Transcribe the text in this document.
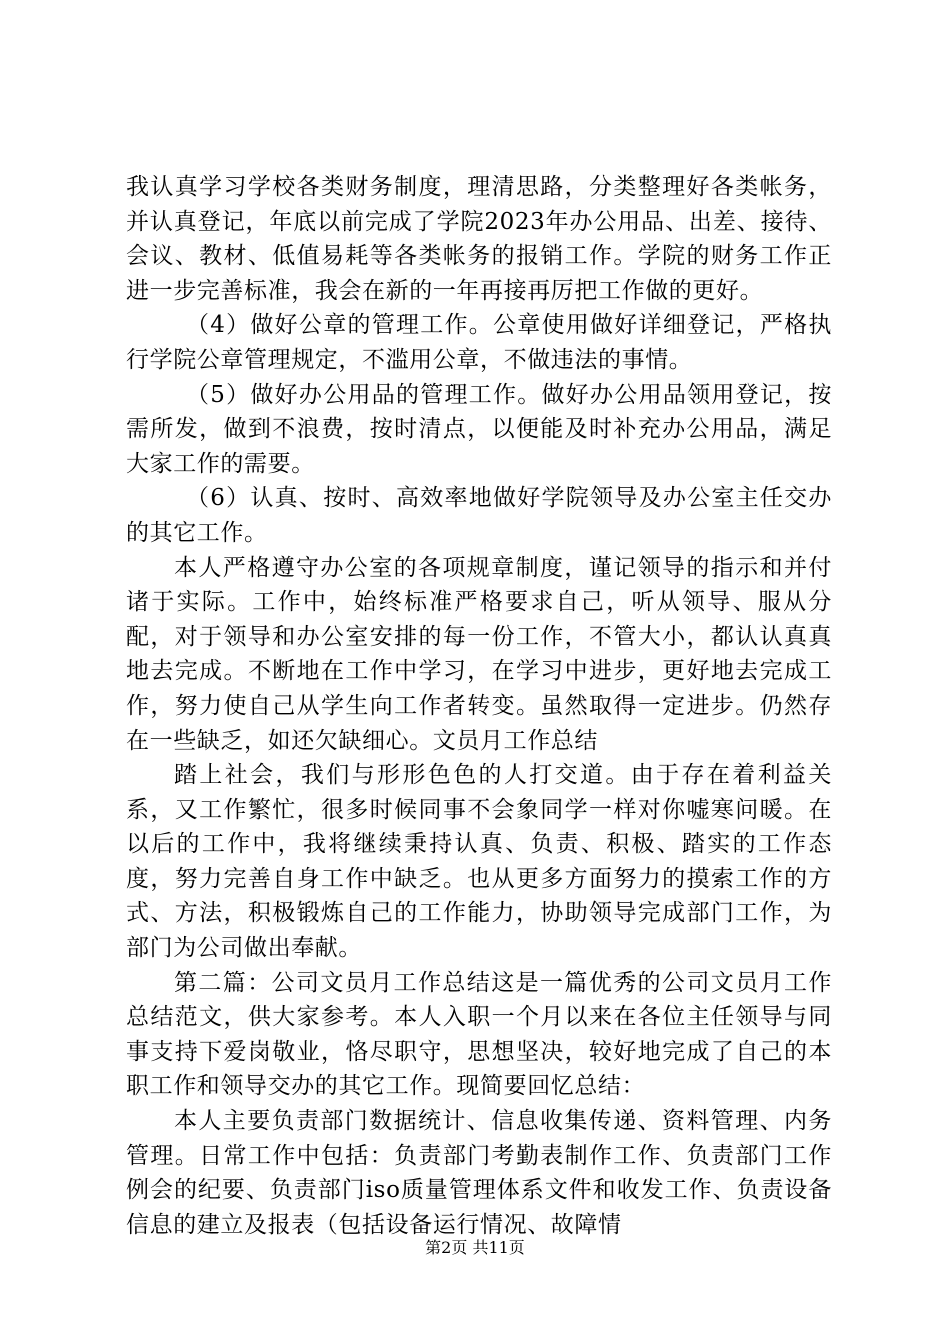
我认真学习学校各类财务制度，理清思路，分类整理好各类帐务，并认真登记，年底以前完成了学院2023年办公用品、出差、接待、会议、教材、低值易耗等各类帐务的报销工作。学院的财务工作正进一步完善标准，我会在新的一年再接再厉把工作做的更好。

（4）做好公章的管理工作。公章使用做好详细登记，严格执行学院公章管理规定，不滥用公章，不做违法的事情。

（5）做好办公用品的管理工作。做好办公用品领用登记，按需所发，做到不浪费，按时清点，以便能及时补充办公用品，满足大家工作的需要。

（6）认真、按时、高效率地做好学院领导及办公室主任交办的其它工作。

本人严格遵守办公室的各项规章制度，谨记领导的指示和并付诸于实际。工作中，始终标准严格要求自己，听从领导、服从分配，对于领导和办公室安排的每一份工作，不管大小，都认认真真地去完成。不断地在工作中学习，在学习中进步，更好地去完成工作，努力使自己从学生向工作者转变。虽然取得一定进步。仍然存在一些缺乏，如还欠缺细心。文员月工作总结

踏上社会，我们与形形色色的人打交道。由于存在着利益关系，又工作繁忙，很多时候同事不会象同学一样对你嘘寒问暖。在以后的工作中，我将继续秉持认真、负责、积极、踏实的工作态度，努力完善自身工作中缺乏。也从更多方面努力的摸索工作的方式、方法，积极锻炼自己的工作能力，协助领导完成部门工作，为部门为公司做出奉献。

第二篇：公司文员月工作总结这是一篇优秀的公司文员月工作总结范文，供大家参考。本人入职一个月以来在各位主任领导与同事支持下爱岗敬业，恪尽职守，思想坚决，较好地完成了自己的本职工作和领导交办的其它工作。现简要回忆总结：

本人主要负责部门数据统计、信息收集传递、资料管理、内务管理。日常工作中包括：负责部门考勤表制作工作、负责部门工作例会的纪要、负责部门iso质量管理体系文件和收发工作、负责设备信息的建立及报表（包括设备运行情况、故障情

第2页 共11页
